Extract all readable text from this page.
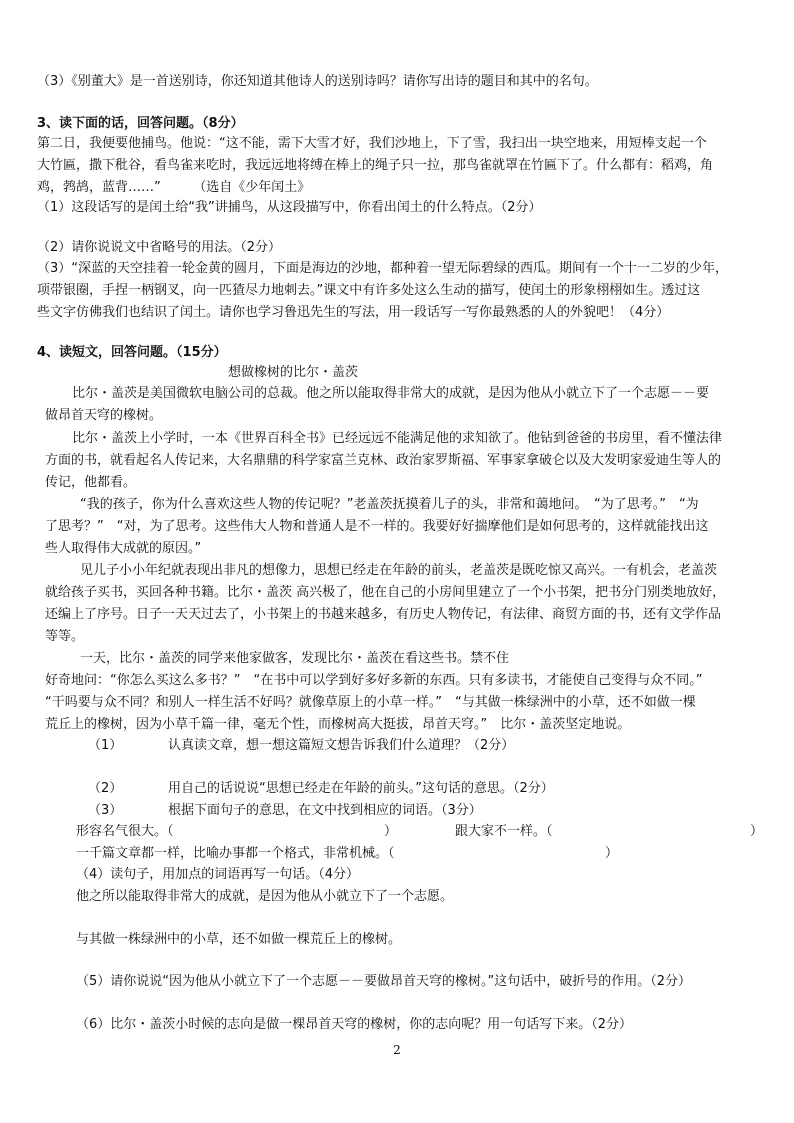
（3）《别董大》是一首送别诗，你还知道其他诗人的送别诗吗？请你写出诗的题目和其中的名句。
3、读下面的话，回答问题。（8分）
第二日，我便要他捕鸟。他说：“这不能，需下大雪才好，我们沙地上，下了雪，我扫出一块空地来，用短棒支起一个
大竹匾，撒下秕谷，看鸟雀来吃时，我远远地将缚在棒上的绳子只一拉，那鸟雀就罩在竹匾下了。什么都有：稻鸡，角
鸡，鹁鸪，蓝背……”　　　（选自《少年闰土》
（1）这段话写的是闰土给“我”讲捕鸟，从这段描写中，你看出闰土的什么特点。（2分）
（2）请你说说文中省略号的用法。（2分）
（3）“深蓝的天空挂着一轮金黄的圆月，下面是海边的沙地，都种着一望无际碧绿的西瓜。期间有一个十一二岁的少年，
项带银圈，手捏一柄钢叉，向一匹猹尽力地刺去。”课文中有许多处这么生动的描写，使闰土的形象栩栩如生。透过这
些文字仿佛我们也结识了闰土。请你也学习鲁迅先生的写法，用一段话写一写你最熟悉的人的外貌吧！（4分）
4、读短文，回答问题。（15分）
想做橡树的比尔・盖茨
比尔・盖茨是美国微软电脑公司的总裁。他之所以能取得非常大的成就，是因为他从小就立下了一个志愿－－要
做昂首天穹的橡树。
比尔・盖茨上小学时，一本《世界百科全书》已经远远不能满足他的求知欲了。他钻到爸爸的书房里，看不懂法律
方面的书，就看起名人传记来，大名鼎鼎的科学家富兰克林、政治家罗斯福、军事家拿破仑以及大发明家爱迪生等人的
传记，他都看。
“我的孩子，你为什么喜欢这些人物的传记呢？”老盖茨抚摸着儿子的头，非常和蔼地问。　“为了思考。”　“为
了思考？”　“对，为了思考。这些伟大人物和普通人是不一样的。我要好好揣摩他们是如何思考的，这样就能找出这
些人取得伟大成就的原因。”
见儿子小小年纪就表现出非凡的想像力，思想已经走在年龄的前头，老盖茨是既吃惊又高兴。一有机会，老盖茨
就给孩子买书，买回各种书籍。比尔・盖茨 高兴极了，他在自己的小房间里建立了一个小书架，把书分门别类地放好，
还编上了序号。日子一天天过去了，小书架上的书越来越多，有历史人物传记，有法律、商贸方面的书，还有文学作品
等等。
一天，比尔・盖茨的同学来他家做客，发现比尔・盖茨在看这些书。禁不住
好奇地问：“你怎么买这么多书？”　“在书中可以学到好多好多新的东西。只有多读书，才能使自己变得与众不同。”
“干吗要与众不同？和别人一样生活不好吗？就像草原上的小草一样。”　“与其做一株绿洲中的小草，还不如做一棵
荒丘上的橡树，因为小草千篇一律，毫无个性，而橡树高大挺拔，昂首天穹。”　比尔・盖茨坚定地说。
（1）	认真读文章，想一想这篇短文想告诉我们什么道理？（2分）
（2）	用自己的话说说“思想已经走在年龄的前头。”这句话的意思。（2分）
（3）	根据下面句子的意思，在文中找到相应的词语。（3分）
形容名气很大。（	）	跟大家不一样。（	）
一千篇文章都一样，比喻办事都一个格式，非常机械。（	）
（4）读句子，用加点的词语再写一句话。（4分）
他之所以能取得非常大的成就，是因为他从小就立下了一个志愿。
与其做一株绿洲中的小草，还不如做一棵荒丘上的橡树。
（5）请你说说“因为他从小就立下了一个志愿－－要做昂首天穹的橡树。”这句话中，破折号的作用。（2分）
（6）比尔・盖茨小时候的志向是做一棵昂首天穹的橡树，你的志向呢？用一句话写下来。（2分）
2
